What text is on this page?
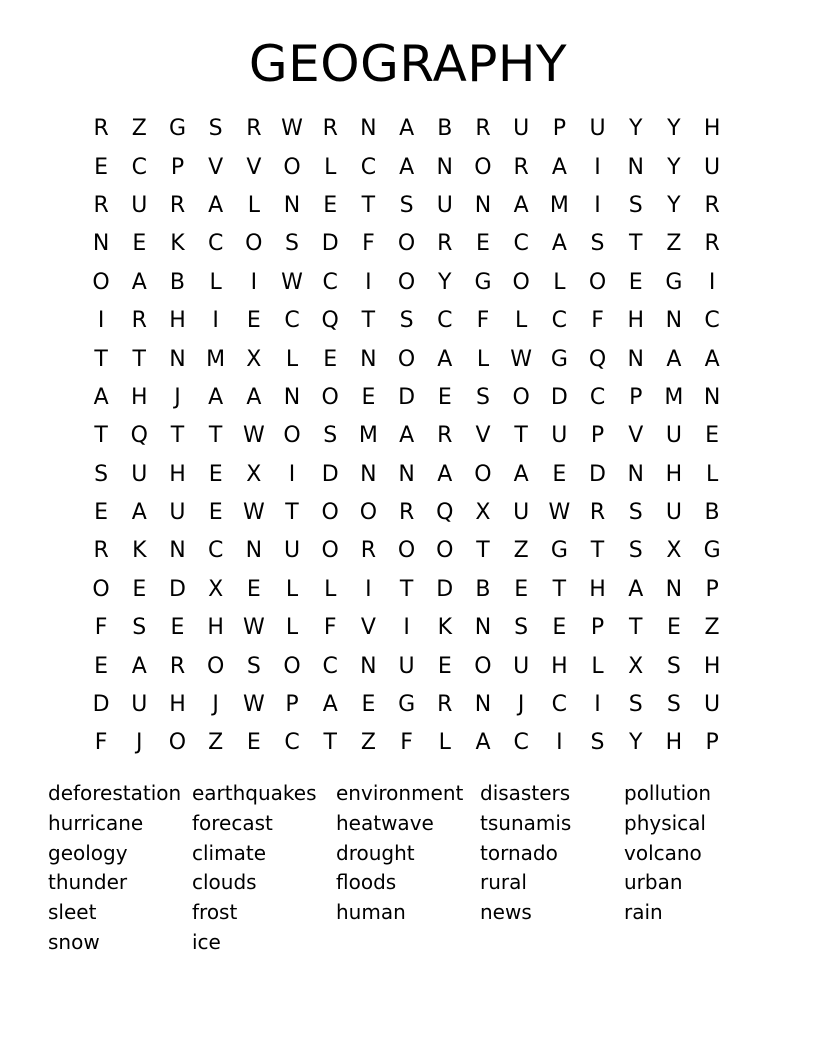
GEOGRAPHY
R	Z	G	S	R W R	N	A	B	R	U	P	U	Y	Y	H
E	C	P	V	V O	L	C	A	N O R	A	I	N	Y	U
R	U	R	A	L	N	E	T	S	U N	A M	I	S	Y	R
N	E	K	C O	S	D	F	O R	E	C	A	S	T	Z	R
O	A	B	L	I	W C	I	O	Y	G O	L	O	E	G	I
I	R	H	I	E	C Q	T	S	C	F	L	C	F	H N	C
T	T	N M X	L	E	N O	A	L W G Q N	A	A
A	H	J	A	A	N O	E	D	E	S	O D	C	P	M N
T	Q	T	T W O	S M A	R	V	T	U	P	V	U	E
S	U H	E	X	I	D N N	A O	A	E	D N H	L
E	A	U	E W T	O O R Q X	U W R	S	U	B
R	K	N	C	N U O R O O	T	Z	G	T	S	X	G
O	E	D	X	E	L	L	I	T	D	B	E	T	H	A	N	P
F	S	E	H W L	F	V	I	K	N	S	E	P	T	E	Z
E	A	R O	S	O C	N U	E	O U H	L	X	S	H
D U H	J	W P	A	E	G	R	N	J	C	I	S	S	U
F	J	O Z	E	C	T	Z	F	L	A	C	I	S	Y	H	P
deforestation earthquakes environment disasters	pollution
hurricane	forecast	heatwave	tsunamis	physical
geology	climate	drought	tornado	volcano
thunder	clouds	floods	rural	urban
sleet	frost	human	news	rain
snow	ice
